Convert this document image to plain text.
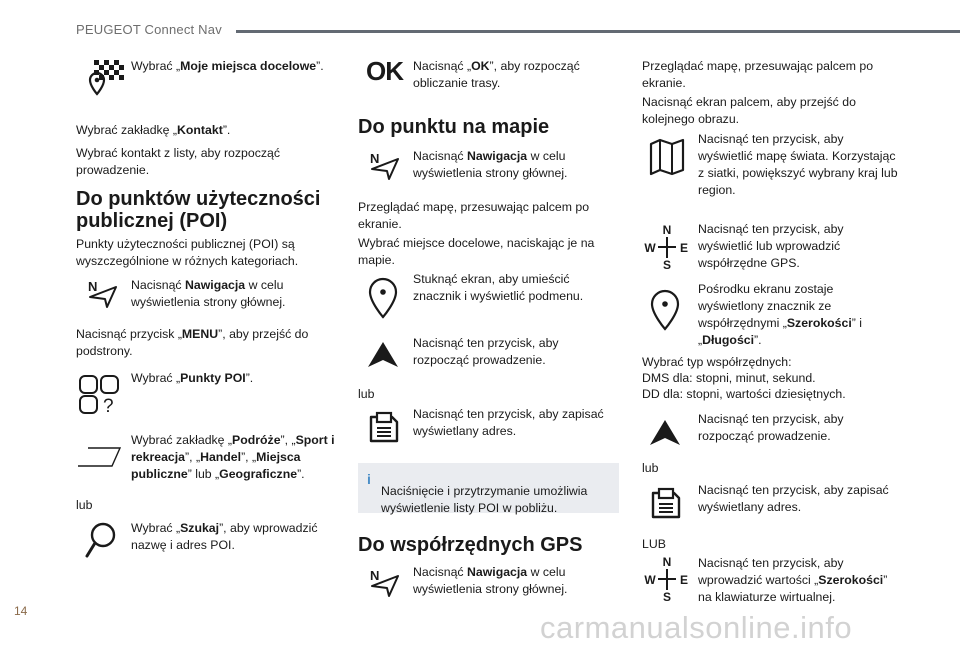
PEUGEOT Connect Nav

Wybrać „Moje miejsca docelowe”.

Wybrać zakładkę „Kontakt”.

Wybrać kontakt z listy, aby rozpocząć prowadzenie.

Do punktów użyteczności publicznej (POI)

Punkty użyteczności publicznej (POI) są wyszczególnione w różnych kategoriach.

N	Nacisnąć Nawigacja w celu wyświetlenia strony głównej.

Nacisnąć przycisk „MENU”, aby przejść do podstrony.

?

Wybrać „Punkty POI”.

Wybrać zakładkę „Podróże”, „Sport i rekreacja”, „Handel”, „Miejsca publiczne” lub „Geograficzne”.

lub

Wybrać „Szukaj”, aby wprowadzić nazwę i adres POI.

OK Nacisnąć „OK”, aby rozpocząć obliczanie trasy.

Do punktu na mapie
N	Nacisnąć Nawigacja w celu wyświetlenia strony głównej.

Przeglądać mapę, przesuwając palcem po ekranie.

Wybrać miejsce docelowe, naciskając je na mapie.

Stuknąć ekran, aby umieścić znacznik i wyświetlić podmenu.

Nacisnąć ten przycisk, aby rozpocząć prowadzenie.

lub

Nacisnąć ten przycisk, aby zapisać wyświetlany adres.

i

Naciśnięcie i przytrzymanie umożliwia wyświetlenie listy POI w pobliżu.

Do współrzędnych GPS
N	Nacisnąć Nawigacja w celu wyświetlenia strony głównej.

Przeglądać mapę, przesuwając palcem po ekranie.

Nacisnąć ekran palcem, aby przejść do kolejnego obrazu.

Nacisnąć ten przycisk, aby wyświetlić mapę świata. Korzystając z siatki, powiększyć wybrany kraj lub region.

N
S
W E

Nacisnąć ten przycisk, aby wyświetlić lub wprowadzić współrzędne GPS.

Pośrodku ekranu zostaje wyświetlony znacznik ze współrzędnymi „Szerokości” i „Długości”.

Wybrać typ współrzędnych:

DMS dla: stopni, minut, sekund.

DD dla: stopni, wartości dziesiętnych.

Nacisnąć ten przycisk, aby rozpocząć prowadzenie.

lub

Nacisnąć ten przycisk, aby zapisać wyświetlany adres.

LUB

N
S
W E

Nacisnąć ten przycisk, aby wprowadzić wartości „Szerokości” na klawiaturze wirtualnej.

14	carmanualsonline.info
